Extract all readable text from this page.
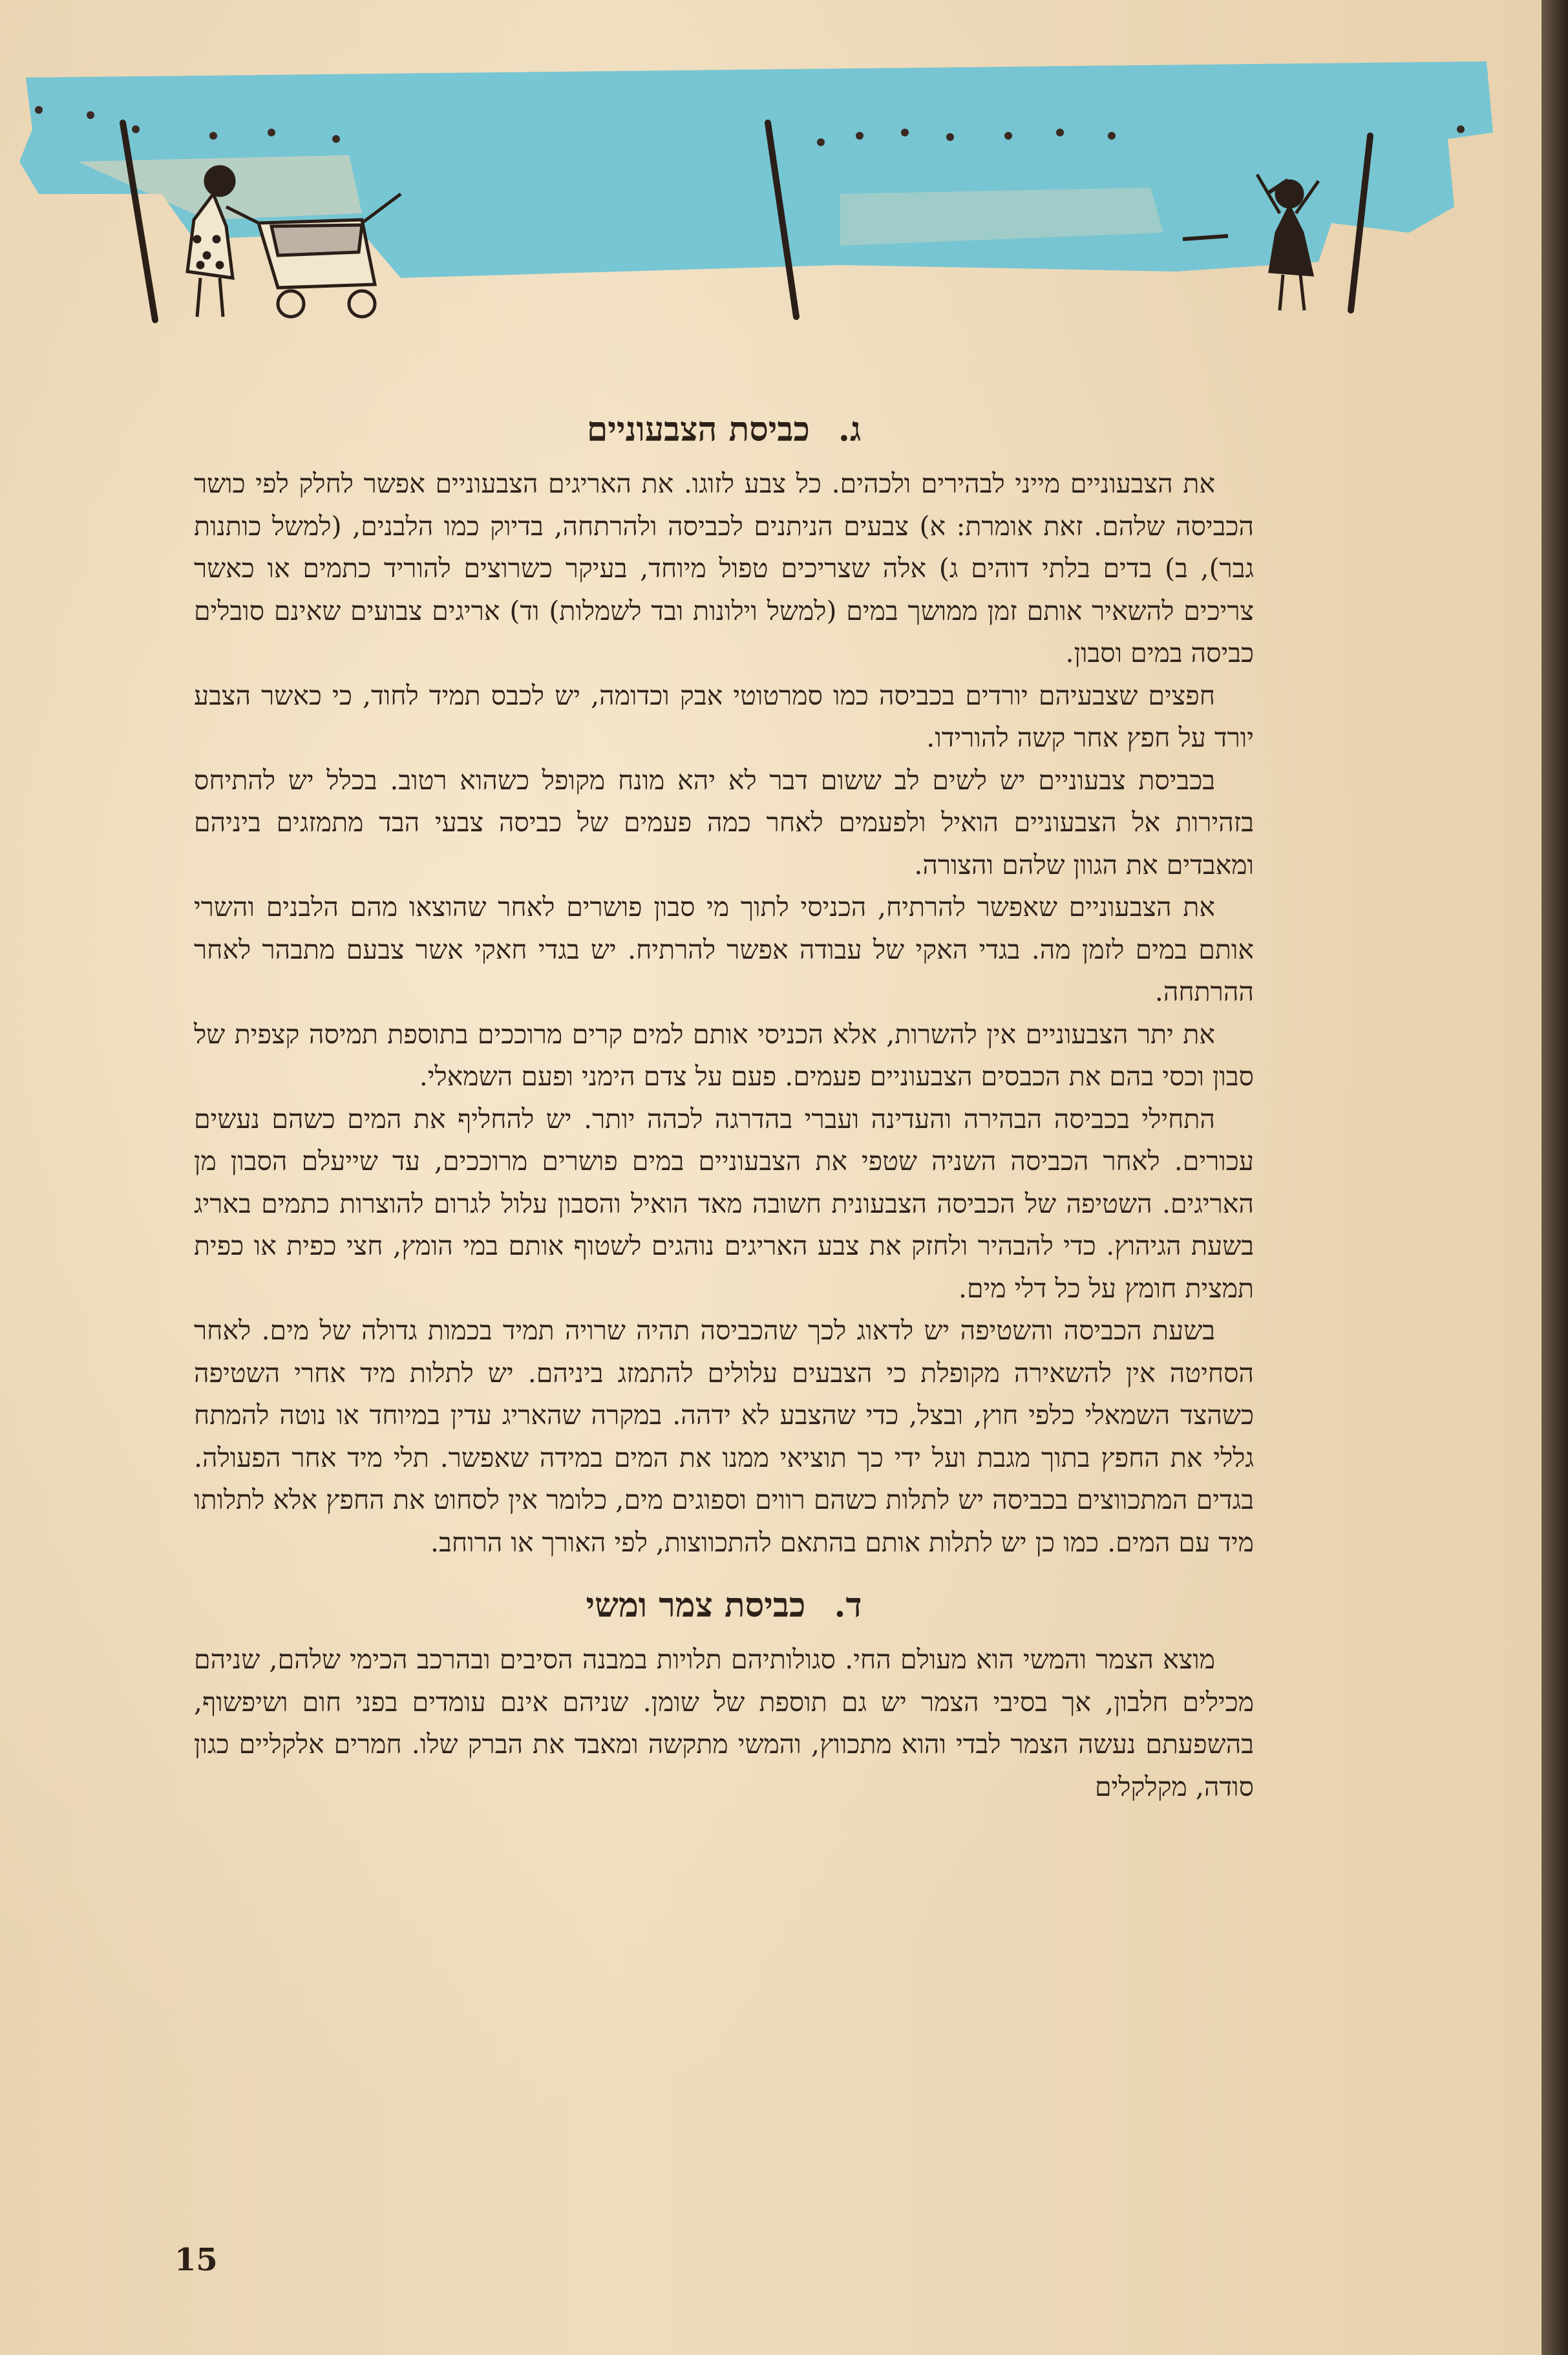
ג.כביסת הצבעוניים

את הצבעוניים מייני לבהירים ולכהים. כל צבע לזוגו. את האריגים הצבעוניים אפשר לחלק לפי כושר הכביסה שלהם. זאת אומרת: א) צבעים הניתנים לכביסה ולהרתחה, בדיוק כמו הלבנים, (למשל כותנות גבר), ב) בדים בלתי דוהים ג) אלה שצריכים טפול מיוחד, בעיקר כשרוצים להוריד כתמים או כאשר צריכים להשאיר אותם זמן ממושך במים (למשל וילונות ובד לשמלות) וד) אריגים צבועים שאינם סובלים כביסה במים וסבון.

חפצים שצבעיהם יורדים בכביסה כמו סמרטוטי אבק וכדומה, יש לכבס תמיד לחוד, כי כאשר הצבע יורד על חפץ אחר קשה להורידו.

בכביסת צבעוניים יש לשים לב ששום דבר לא יהא מונח מקופל כשהוא רטוב. בכלל יש להתיחס בזהירות אל הצבעוניים הואיל ולפעמים לאחר כמה פעמים של כביסה צבעי הבד מתמזגים ביניהם ומאבדים את הגוון שלהם והצורה.

את הצבעוניים שאפשר להרתיח, הכניסי לתוך מי סבון פושרים לאחר שהוצאו מהם הלבנים והשרי אותם במים לזמן מה. בגדי האקי של עבודה אפשר להרתיח. יש בגדי חאקי אשר צבעם מתבהר לאחר ההרתחה.

את יתר הצבעוניים אין להשרות, אלא הכניסי אותם למים קרים מרוככים בתוספת תמיסה קצפית של סבון וכסי בהם את הכבסים הצבעוניים פעמים. פעם על צדם הימני ופעם השמאלי.

התחילי בכביסה הבהירה והעדינה ועברי בהדרגה לכהה יותר. יש להחליף את המים כשהם נעשים עכורים. לאחר הכביסה השניה שטפי את הצבעוניים במים פושרים מרוככים, עד שייעלם הסבון מן האריגים. השטיפה של הכביסה הצבעונית חשובה מאד הואיל והסבון עלול לגרום להוצרות כתמים באריג בשעת הגיהוץ. כדי להבהיר ולחזק את צבע האריגים נוהגים לשטוף אותם במי הומץ, חצי כפית או כפית תמצית חומץ על כל דלי מים.

בשעת הכביסה והשטיפה יש לדאוג לכך שהכביסה תהיה שרויה תמיד בכמות גדולה של מים. לאחר הסחיטה אין להשאירה מקופלת כי הצבעים עלולים להתמזג ביניהם. יש לתלות מיד אחרי השטיפה כשהצד השמאלי כלפי חוץ, ובצל, כדי שהצבע לא ידהה. במקרה שהאריג עדין במיוחד או נוטה להמתח גללי את החפץ בתוך מגבת ועל ידי כך תוציאי ממנו את המים במידה שאפשר. תלי מיד אחר הפעולה. בגדים המתכווצים בכביסה יש לתלות כשהם רווים וספוגים מים, כלומר אין לסחוט את החפץ אלא לתלותו מיד עם המים. כמו כן יש לתלות אותם בהתאם להתכווצות, לפי האורך או הרוחב.

ד.כביסת צמר ומשי

מוצא הצמר והמשי הוא מעולם החי. סגולותיהם תלויות במבנה הסיבים ובהרכב הכימי שלהם, שניהם מכילים חלבון, אך בסיבי הצמר יש גם תוספת של שומן. שניהם אינם עומדים בפני חום ושיפשוף, בהשפעתם נעשה הצמר לבדי והוא מתכווץ, והמשי מתקשה ומאבד את הברק שלו. חמרים אלקליים כגון סודה, מקלקלים

15
